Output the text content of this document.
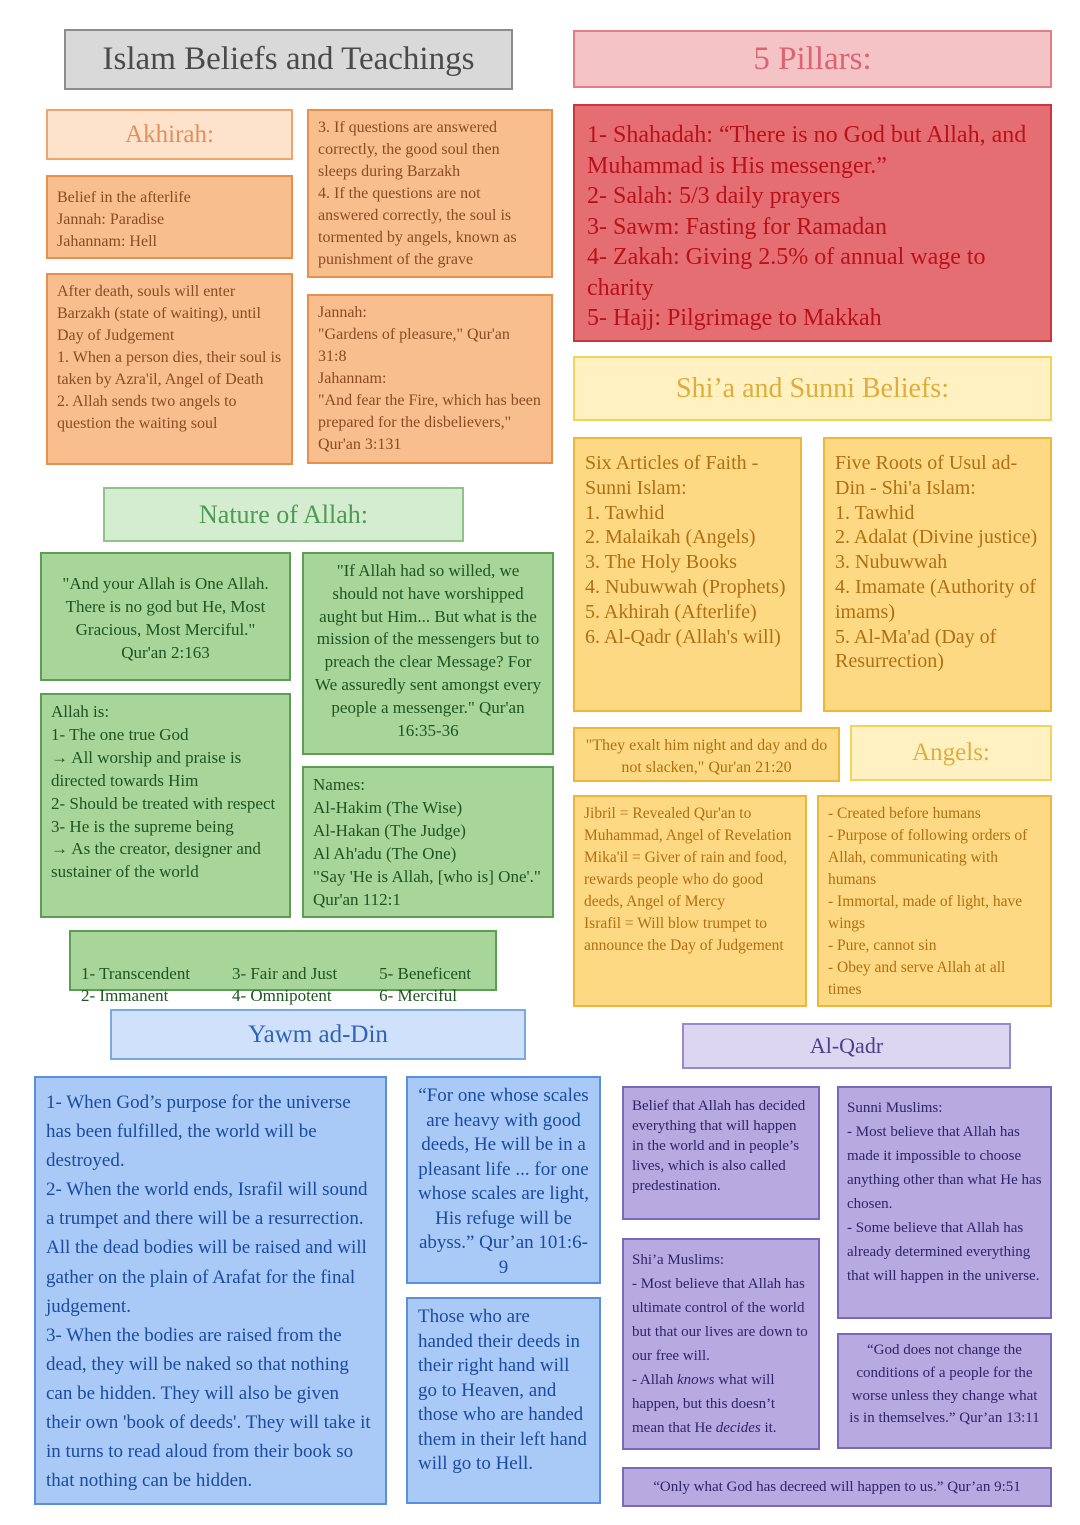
Islam Beliefs and Teachings
Akhirah:
Belief in the afterlife
Jannah: Paradise
Jahannam: Hell
After death, souls will enter Barzakh (state of waiting), until Day of Judgement
1. When a person dies, their soul is taken by Azra'il, Angel of Death
2. Allah sends two angels to question the waiting soul
3. If questions are answered correctly, the good soul then sleeps during Barzakh
4. If the questions are not answered correctly, the soul is tormented by angels, known as punishment of the grave
Jannah:
"Gardens of pleasure," Qur'an 31:8
Jahannam:
"And fear the Fire, which has been prepared for the disbelievers," Qur'an 3:131
5 Pillars:
1- Shahadah: “There is no God but Allah, and Muhammad is His messenger.”
2- Salah: 5/3 daily prayers
3- Sawm: Fasting for Ramadan
4- Zakah: Giving 2.5% of annual wage to charity
5- Hajj: Pilgrimage to Makkah
Shi’a and Sunni Beliefs:
Six Articles of Faith - Sunni Islam:
1. Tawhid
2. Malaikah (Angels)
3. The Holy Books
4. Nubuwwah (Prophets)
5. Akhirah (Afterlife)
6. Al-Qadr (Allah's will)
Five Roots of Usul ad-Din - Shi'a Islam:
1. Tawhid
2. Adalat (Divine justice)
3. Nubuwwah
4. Imamate (Authority of imams)
5. Al-Ma'ad (Day of Resurrection)
"They exalt him night and day and do not slacken," Qur'an 21:20
Angels:
Jibril = Revealed Qur'an to Muhammad, Angel of Revelation
Mika'il = Giver of rain and food, rewards people who do good deeds, Angel of Mercy
Israfil = Will blow trumpet to announce the Day of Judgement
- Created before humans
- Purpose of following orders of Allah, communicating with humans
- Immortal, made of light, have wings
- Pure, cannot sin
- Obey and serve Allah at all times
Nature of Allah:
"And your Allah is One Allah. There is no god but He, Most Gracious, Most Merciful." Qur'an 2:163
"If Allah had so willed, we should not have worshipped aught but Him... But what is the mission of the messengers but to preach the clear Message? For We assuredly sent amongst every people a messenger." Qur'an 16:35-36
Allah is:
1- The one true God
→ All worship and praise is directed towards Him
2- Should be treated with respect
3- He is the supreme being
→ As the creator, designer and sustainer of the world
Names:
Al-Hakim (The Wise)
Al-Hakan (The Judge)
Al Ah'adu (The One)
"Say 'He is Allah, [who is] One'." Qur'an 112:1

1- Transcendent
2- Immanent
3- Fair and Just
4- Omnipotent
5- Beneficent
6- Merciful

Yawm ad-Din
1- When God’s purpose for the universe has been fulfilled, the world will be destroyed.
2- When the world ends, Israfil will sound a trumpet and there will be a resurrection. All the dead bodies will be raised and will gather on the plain of Arafat for the final judgement.
3- When the bodies are raised from the dead, they will be naked so that nothing can be hidden. They will also be given their own 'book of deeds'. They will take it in turns to read aloud from their book so that nothing can be hidden.
“For one whose scales are heavy with good deeds, He will be in a pleasant life ... for one whose scales are light, His refuge will be abyss.” Qur’an 101:6-9
Those who are handed their deeds in their right hand will go to Heaven, and those who are handed them in their left hand will go to Hell.
Al-Qadr
Belief that Allah has decided everything that will happen in the world and in people’s lives, which is also called predestination.
Sunni Muslims:
- Most believe that Allah has made it impossible to choose anything other than what He has chosen.
- Some believe that Allah has already determined everything that will happen in the universe.
Shi’a Muslims:
- Most believe that Allah has ultimate control of the world but that our lives are down to our free will.
- Allah knows what will happen, but this doesn’t mean that He decides it.
“God does not change the conditions of a people for the worse unless they change what is in themselves.” Qur’an 13:11
“Only what God has decreed will happen to us.” Qur’an 9:51
